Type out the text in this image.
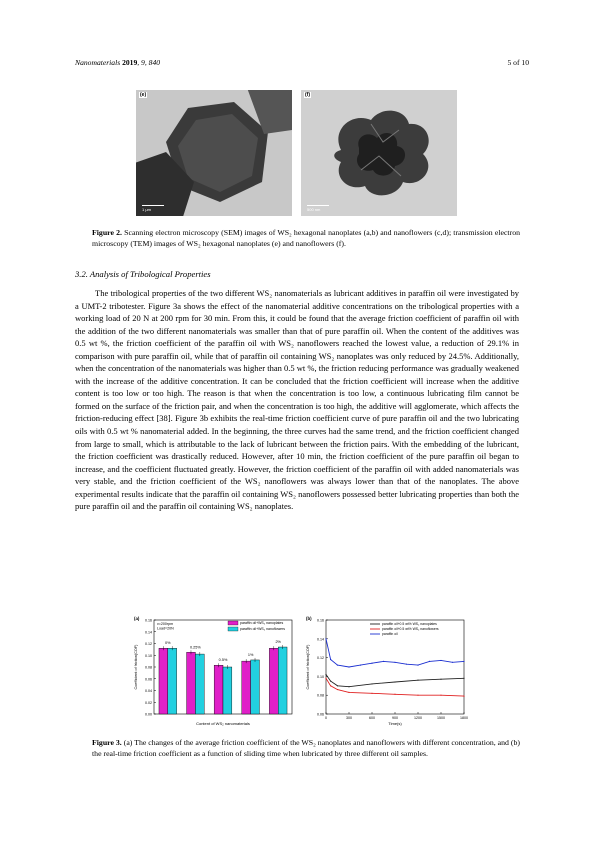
Nanomaterials 2019, 9, 840	5 of 10
(e)
1 μm
(f)
500 nm
Figure 2. Scanning electron microscopy (SEM) images of WS₂ hexagonal nanoplates (a,b) and nanoflowers (c,d); transmission electron microscopy (TEM) images of WS₂ hexagonal nanoplates (e) and nanoflowers (f).
3.2. Analysis of Tribological Properties

The tribological properties of the two different WS₂ nanomaterials as lubricant additives in paraffin oil were investigated by a UMT-2 tribotester. Figure 3a shows the effect of the nanomaterial additive concentrations on the tribological properties with a working load of 20 N at 200 rpm for 30 min. From this, it could be found that the average friction coefficient of paraffin oil with the addition of the two different nanomaterials was smaller than that of pure paraffin oil. When the content of the additives was 0.5 wt %, the friction coefficient of the paraffin oil with WS₂ nanoflowers reached the lowest value, a reduction of 29.1% in comparison with pure paraffin oil, while that of paraffin oil containing WS₂ nanoplates was only reduced by 24.5%. Additionally, when the concentration of the nanomaterials was higher than 0.5 wt %, the friction reducing performance was gradually weakened with the increase of the additive concentration. It can be concluded that the friction coefficient will increase when the additive content is too low or too high. The reason is that when the concentration is too low, a continuous lubricating film cannot be formed on the surface of the friction pair, and when the concentration is too high, the additive will agglomerate, which affects the friction-reducing effect [38]. Figure 3b exhibits the real-time friction coefficient curve of pure paraffin oil and the two lubricating oils with 0.5 wt % nanomaterial added. In the beginning, the three curves had the same trend, and the friction coefficient changed from large to small, which is attributable to the lack of lubricant between the friction pairs. With the embedding of the lubricant, the friction coefficient was drastically reduced. However, after 10 min, the friction coefficient of the pure paraffin oil began to increase, and the coefficient fluctuated greatly. However, the friction coefficient of the paraffin oil with added nanomaterials was very stable, and the friction coefficient of the WS₂ nanoflowers was always lower than that of the nanoplates. The above experimental results indicate that the paraffin oil containing WS₂ nanoflowers possessed better lubricating properties than both the pure paraffin oil and the paraffin oil containing WS₂ nanoplates.

0.00
0.02
0.04
0.06
0.08
0.10
0.12
0.14
0.16
0%
0.25%
0.5%
1%
2%
Content of WS₂ nanomaterials
Coefficient of friction(COF)
(a)
v=200rpm
Load=20N
paraffin oil+WS₂ nanoplates
paraffin oil+WS₂ nanoflowers
0.06
0.08
0.10
0.12
0.14
0.16
0	300	600	900	1200	1500	1800
paraffin oil+0.5 wt% WS₂ nanoplates
paraffin oil+0.5 wt% WS₂ nanoflowers
paraffin oil
Time(s)
Coefficient of friction(COF)
(b)
Figure 3. (a) The changes of the average friction coefficient of the WS₂ nanoplates and nanoflowers with different concentration, and (b) the real-time friction coefficient as a function of sliding time when lubricated by three different oil samples.
